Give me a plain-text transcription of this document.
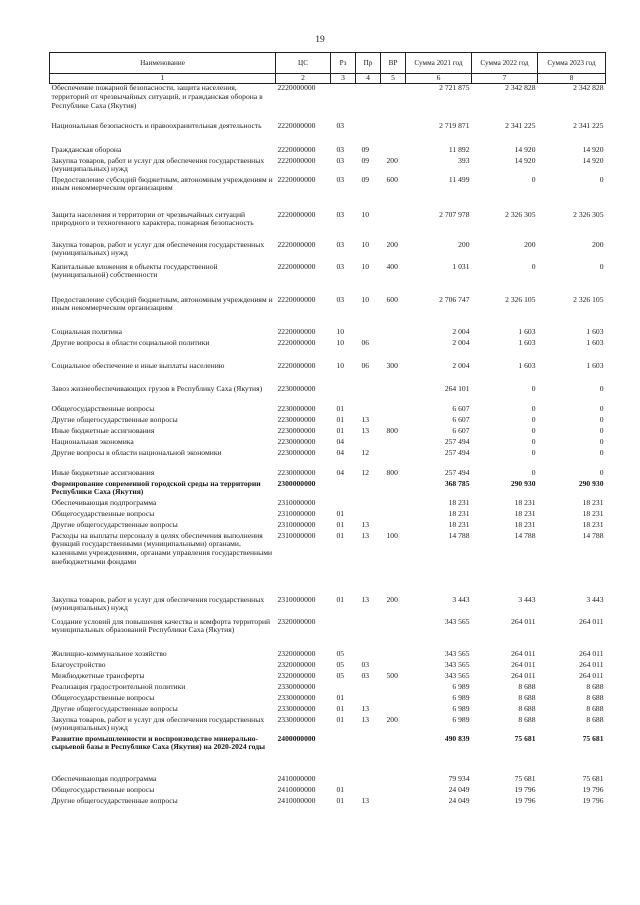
19
Наименование	ЦС	Рз	Пр	ВР	Сумма 2021 год	Сумма 2022 год	Сумма 2023 год
1	2	3	4	5	6	7	8
Обеспечение пожарной безопасности, защита населения, территорий от чрезвычайных ситуаций, и гражданская оборона в Республике Саха (Якутия)	2220000000				2 721 875	2 342 828	2 342 828
Национальная безопасность и правоохранительная деятельность	2220000000	03			2 719 871	2 341 225	2 341 225
Гражданская оборона	2220000000	03	09		11 892	14 920	14 920
Закупка товаров, работ и услуг для обеспечения государственных (муниципальных) нужд	2220000000	03	09	200	393	14 920	14 920
Предоставление субсидий бюджетным, автономным учреждениям и иным некоммерческим организациям	2220000000	03	09	600	11 499	0	0
Защита населения и территории от чрезвычайных ситуаций природного и техногенного характера, пожарная безопасность	2220000000	03	10		2 707 978	2 326 305	2 326 305
Закупка товаров, работ и услуг для обеспечения государственных (муниципальных) нужд	2220000000	03	10	200	200	200	200
Капитальные вложения в объекты государственной (муниципальной) собственности	2220000000	03	10	400	1 031	0	0
Предоставление субсидий бюджетным, автономным учреждениям и иным некоммерческим организациям	2220000000	03	10	600	2 706 747	2 326 105	2 326 105
Социальная политика	2220000000	10			2 004	1 603	1 603
Другие вопросы в области социальной политики	2220000000	10	06		2 004	1 603	1 603
Социальное обеспечение и иные выплаты населению	2220000000	10	06	300	2 004	1 603	1 603
Завоз жизнеобеспечивающих грузов в Республику Саха (Якутия)	2230000000				264 101	0	0
Общегосударственные вопросы	2230000000	01			6 607	0	0
Другие общегосударственные вопросы	2230000000	01	13		6 607	0	0
Иные бюджетные ассигнования	2230000000	01	13	800	6 607	0	0
Национальная экономика	2230000000	04			257 494	0	0
Другие вопросы в области национальной экономики	2230000000	04	12		257 494	0	0
Иные бюджетные ассигнования	2230000000	04	12	800	257 494	0	0
Формирование современной городской среды на территории Республики Саха (Якутия)	2300000000				368 785	290 930	290 930
Обеспечивающая подпрограмма	2310000000				18 231	18 231	18 231
Общегосударственные вопросы	2310000000	01			18 231	18 231	18 231
Другие общегосударственные вопросы	2310000000	01	13		18 231	18 231	18 231
Расходы на выплаты персоналу в целях обеспечения выполнения функций государственными (муниципальными) органами, казенными учреждениями, органами управления государственными внебюджетными фондами	2310000000	01	13	100	14 788	14 788	14 788
Закупка товаров, работ и услуг для обеспечения государственных (муниципальных) нужд	2310000000	01	13	200	3 443	3 443	3 443
Создание условий для повышения качества и комфорта территорий муниципальных образований Республики Саха (Якутия)	2320000000				343 565	264 011	264 011
Жилищно-коммунальное хозяйство	2320000000	05			343 565	264 011	264 011
Благоустройство	2320000000	05	03		343 565	264 011	264 011
Межбюджетные трансферты	2320000000	05	03	500	343 565	264 011	264 011
Реализация градостроительной политики	2330000000				6 989	8 688	8 688
Общегосударственные вопросы	2330000000	01			6 989	8 688	8 688
Другие общегосударственные вопросы	2330000000	01	13		6 989	8 688	8 688
Закупка товаров, работ и услуг для обеспечения государственных (муниципальных) нужд	2330000000	01	13	200	6 989	8 688	8 688
Развитие промышленности и воспроизводство минерально-сырьевой базы в Республике Саха (Якутия) на 2020-2024 годы	2400000000				490 839	75 681	75 681
Обеспечивающая подпрограмма	2410000000				79 934	75 681	75 681
Общегосударственные вопросы	2410000000	01			24 049	19 796	19 796
Другие общегосударственные вопросы	2410000000	01	13		24 049	19 796	19 796
